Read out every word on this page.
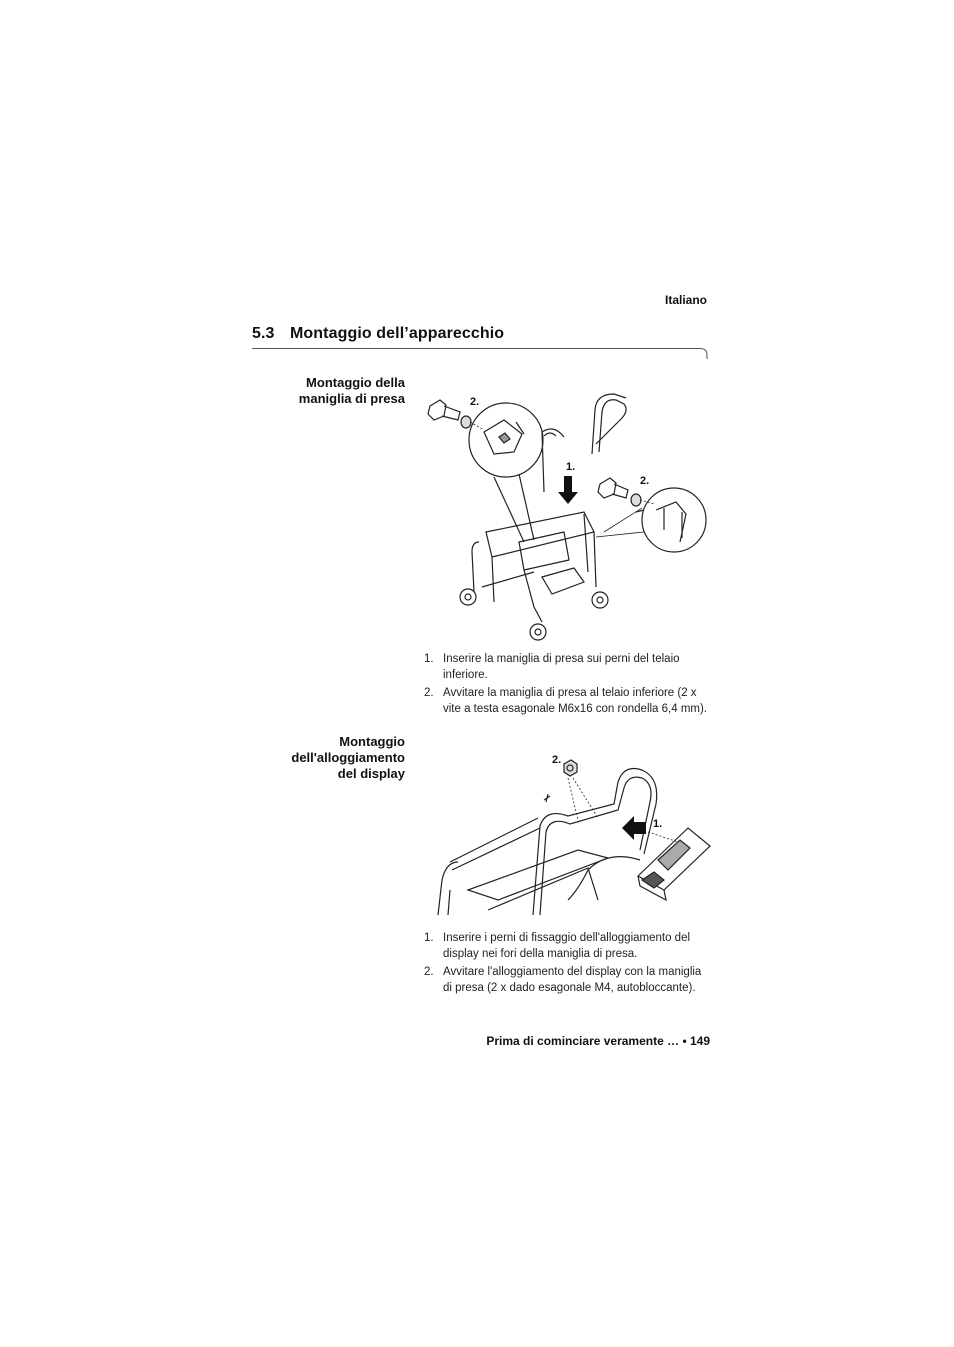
Italiano
5.3 Montaggio dell’apparecchio
Montaggio della
maniglia di presa	2.
1.
2.
1. Inserire la maniglia di presa sui perni del telaio
inferiore.
2. Avvitare la maniglia di presa al telaio inferiore (2 x
vite a testa esagonale M6x16 con rondella 6,4 mm).
Montaggio
dell'alloggiamento
del display
2.
1.
1. Inserire i perni di fissaggio dell'alloggiamento del
display nei fori della maniglia di presa.
2. Avvitare l'alloggiamento del display con la maniglia
di presa (2 x dado esagonale M4, autobloccante).
Prima di cominciare veramente … • 149
